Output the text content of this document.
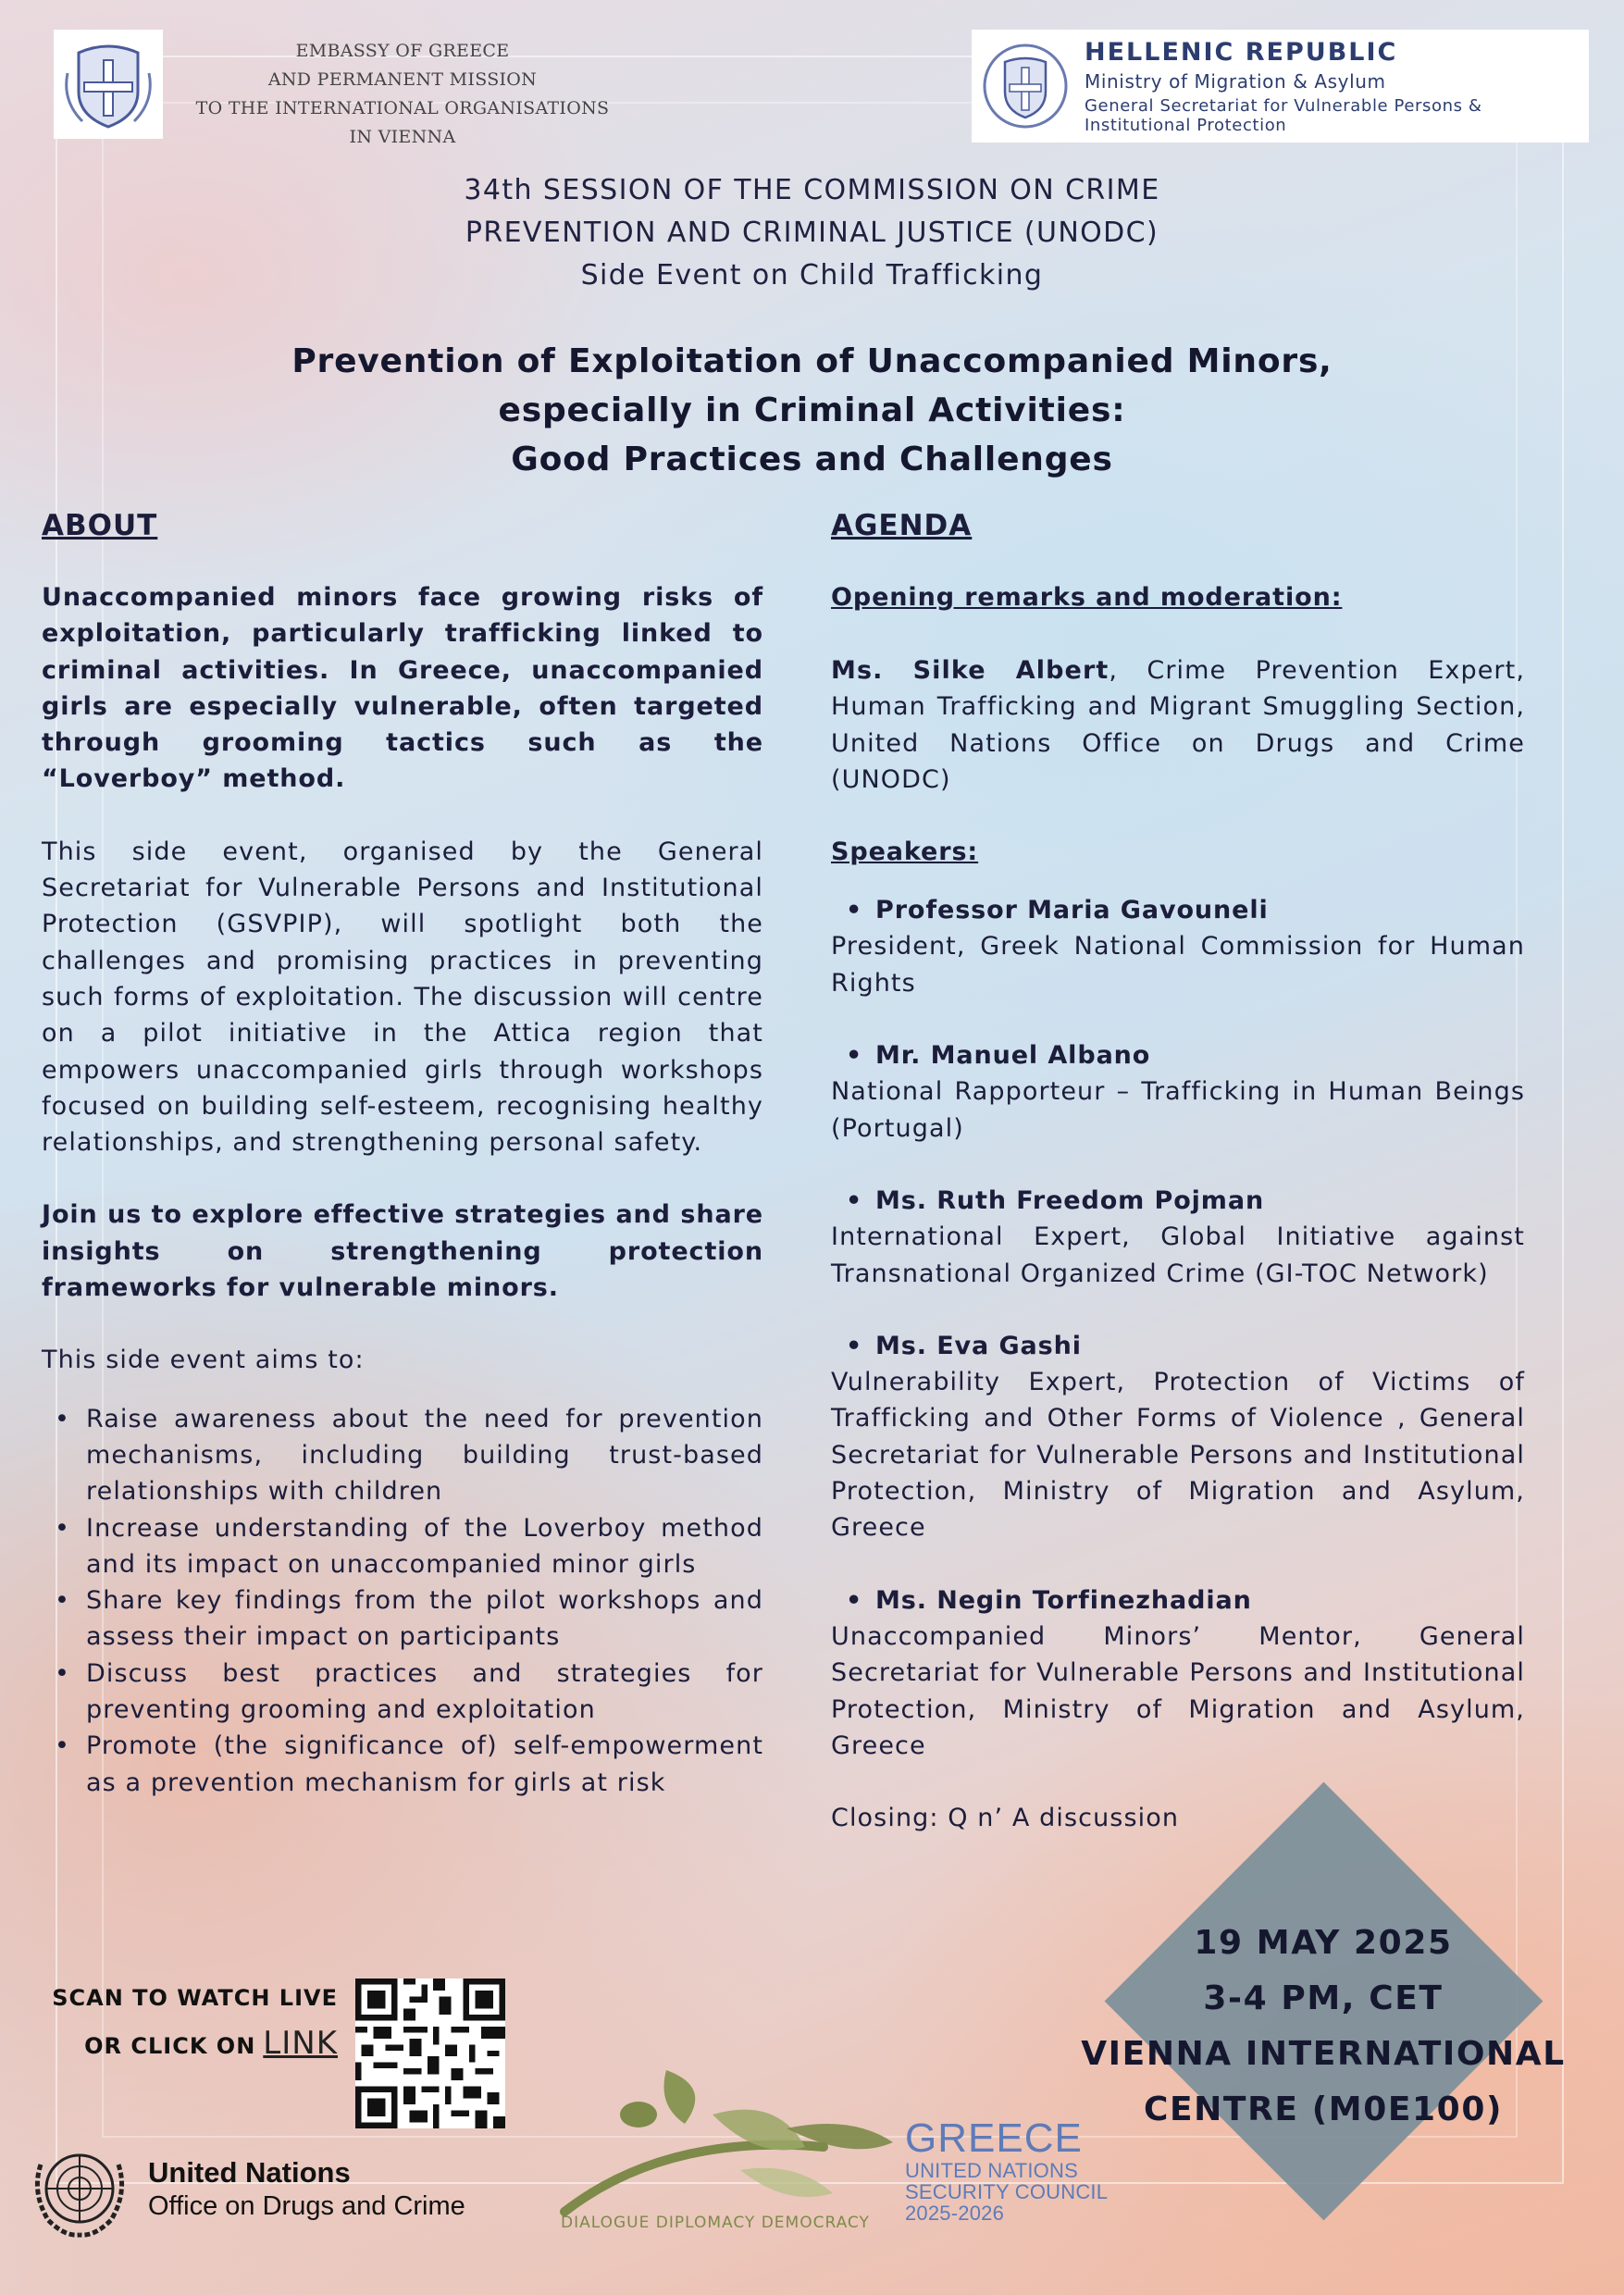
EMBASSY OF GREECE
AND PERMANENT MISSION
TO THE INTERNATIONAL ORGANISATIONS
IN VIENNA
HELLENIC REPUBLIC
Ministry of Migration & Asylum
General Secretariat for Vulnerable Persons &
Institutional Protection
34th SESSION OF THE COMMISSION ON CRIME
PREVENTION AND CRIMINAL JUSTICE (UNODC)
Side Event on Child Trafficking
Prevention of Exploitation of Unaccompanied Minors,
especially in Criminal Activities:
Good Practices and Challenges
ABOUT

Unaccompanied minors face growing risks of exploitation, particularly trafficking linked to criminal activities. In Greece, unaccompanied girls are especially vulnerable, often targeted through grooming tactics such as the “Loverboy” method.

This side event, organised by the General Secretariat for Vulnerable Persons and Institutional Protection (GSVPIP), will spotlight both the challenges and promising practices in preventing such forms of exploitation. The discussion will centre on a pilot initiative in the Attica region that empowers unaccompanied girls through workshops focused on building self-esteem, recognising healthy relationships, and strengthening personal safety.

Join us to explore effective strategies and share insights on strengthening protection frameworks for vulnerable minors.

This side event aims to:

• Raise awareness about the need for prevention mechanisms, including building trust-based relationships with children
• Increase understanding of the Loverboy method and its impact on unaccompanied minor girls
• Share key findings from the pilot workshops and assess their impact on participants
• Discuss best practices and strategies for preventing grooming and exploitation
• Promote (the significance of) self-empowerment as a prevention mechanism for girls at risk
AGENDA
Opening remarks and moderation:

Ms. Silke Albert, Crime Prevention Expert, Human Trafficking and Migrant Smuggling Section, United Nations Office on Drugs and Crime (UNODC)

Speakers:
• Professor Maria Gavouneli

President, Greek National Commission for Human Rights

• Mr. Manuel Albano

National Rapporteur – Trafficking in Human Beings (Portugal)

• Ms. Ruth Freedom Pojman

International Expert, Global Initiative against Transnational Organized Crime (GI-TOC Network)

• Ms. Eva Gashi

Vulnerability Expert, Protection of Victims of Trafficking and Other Forms of Violence , General Secretariat for Vulnerable Persons and Institutional Protection, Ministry of Migration and Asylum, Greece

• Ms. Negin Torfinezhadian

Unaccompanied Minors’ Mentor, General Secretariat for Vulnerable Persons and Institutional Protection, Ministry of Migration and Asylum, Greece

Closing: Q n’ A discussion

19 MAY 2025
3-4 PM, CET
VIENNA INTERNATIONAL
CENTRE (M0E100)
SCAN TO WATCH LIVE
OR CLICK ON LINK
United Nations
Office on Drugs and Crime
DIALOGUE DIPLOMACY DEMOCRACY
GREECE
UNITED NATIONS
SECURITY COUNCIL
2025-2026
